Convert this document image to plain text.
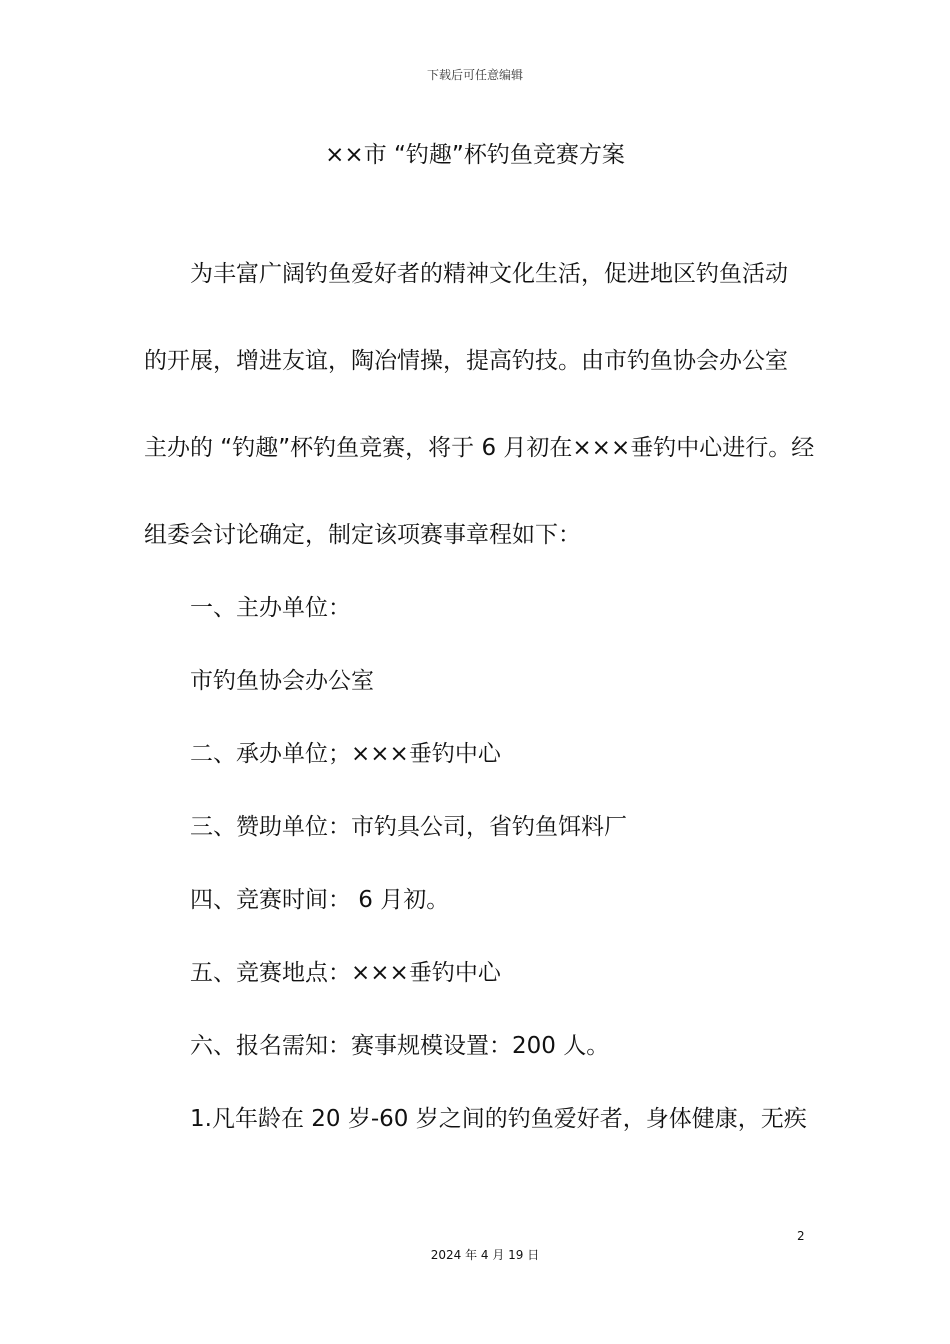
下载后可任意编辑
××市 “钓趣”杯钓鱼竞赛方案
为丰富广阔钓鱼爱好者的精神文化生活，促进地区钓鱼活动
的开展，增进友谊，陶冶情操，提高钓技。由市钓鱼协会办公室
主办的 “钓趣”杯钓鱼竞赛，将于 6 月初在×××垂钓中心进行。经
组委会讨论确定，制定该项赛事章程如下：
一、主办单位：
市钓鱼协会办公室
二、承办单位；×××垂钓中心
三、赞助单位：市钓具公司，省钓鱼饵料厂
四、竞赛时间： 6 月初。
五、竞赛地点：×××垂钓中心
六、报名需知：赛事规模设置：200 人。
1.凡年龄在 20 岁-60 岁之间的钓鱼爱好者，身体健康，无疾
2
2024 年 4 月 19 日
